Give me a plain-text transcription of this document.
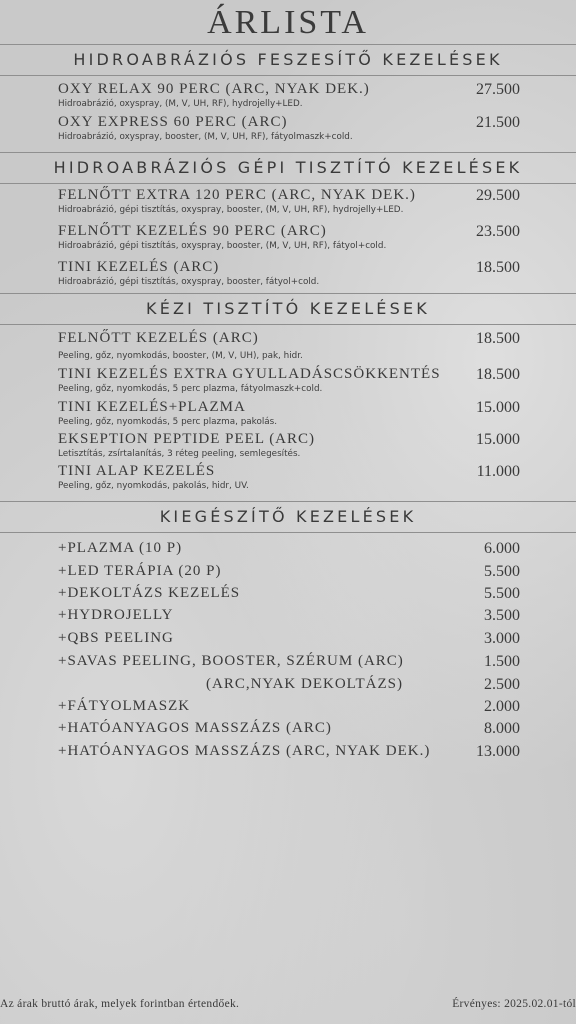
ÁRLISTA
HIDROABRÁZIÓS FESZESÍTŐ KEZELÉSEK
OXY RELAX 90 PERC (ARC, NYAK DEK.)	27.500
Hidroabrázió, oxyspray, (M, V, UH, RF), hydrojelly+LED.
OXY EXPRESS 60 PERC (ARC)	21.500
Hidroabrázió, oxyspray, booster, (M, V, UH, RF), fátyolmaszk+cold.
HIDROABRÁZIÓS GÉPI TISZTÍTÓ KEZELÉSEK
FELNŐTT EXTRA 120 PERC (ARC, NYAK DEK.)	29.500
Hidroabrázió, gépi tisztítás, oxyspray, booster, (M, V, UH, RF), hydrojelly+LED.
FELNŐTT KEZELÉS 90 PERC (ARC)	23.500
Hidroabrázió, gépi tisztítás, oxyspray, booster, (M, V, UH, RF), fátyol+cold.
TINI KEZELÉS (ARC)	18.500
Hidroabrázió, gépi tisztítás, oxyspray, booster, fátyol+cold.
KÉZI TISZTÍTÓ KEZELÉSEK
FELNŐTT KEZELÉS (ARC)	18.500
Peeling, gőz, nyomkodás, booster, (M, V, UH), pak, hidr.
TINI KEZELÉS EXTRA GYULLADÁSCSÖKKENTÉS	18.500
Peeling, gőz, nyomkodás, 5 perc plazma, fátyolmaszk+cold.
TINI KEZELÉS+PLAZMA	15.000
Peeling, gőz, nyomkodás, 5 perc plazma, pakolás.
EKSEPTION PEPTIDE PEEL (ARC)	15.000
Letisztítás, zsírtalanítás, 3 réteg peeling, semlegesítés.
TINI ALAP KEZELÉS	11.000
Peeling, gőz, nyomkodás, pakolás, hidr, UV.
KIEGÉSZÍTŐ KEZELÉSEK
+PLAZMA (10 P)	6.000
+LED TERÁPIA (20 P)	5.500
+DEKOLTÁZS KEZELÉS	5.500
+HYDROJELLY	3.500
+QBS PEELING	3.000
+SAVAS PEELING, BOOSTER, SZÉRUM (ARC)	1.500
(ARC,NYAK DEKOLTÁZS)	2.500
+FÁTYOLMASZK	2.000
+HATÓANYAGOS MASSZÁZS (ARC)	8.000
+HATÓANYAGOS MASSZÁZS (ARC, NYAK DEK.)	13.000
Az árak bruttó árak, melyek forintban értendőek.	Érvényes: 2025.02.01-tól
